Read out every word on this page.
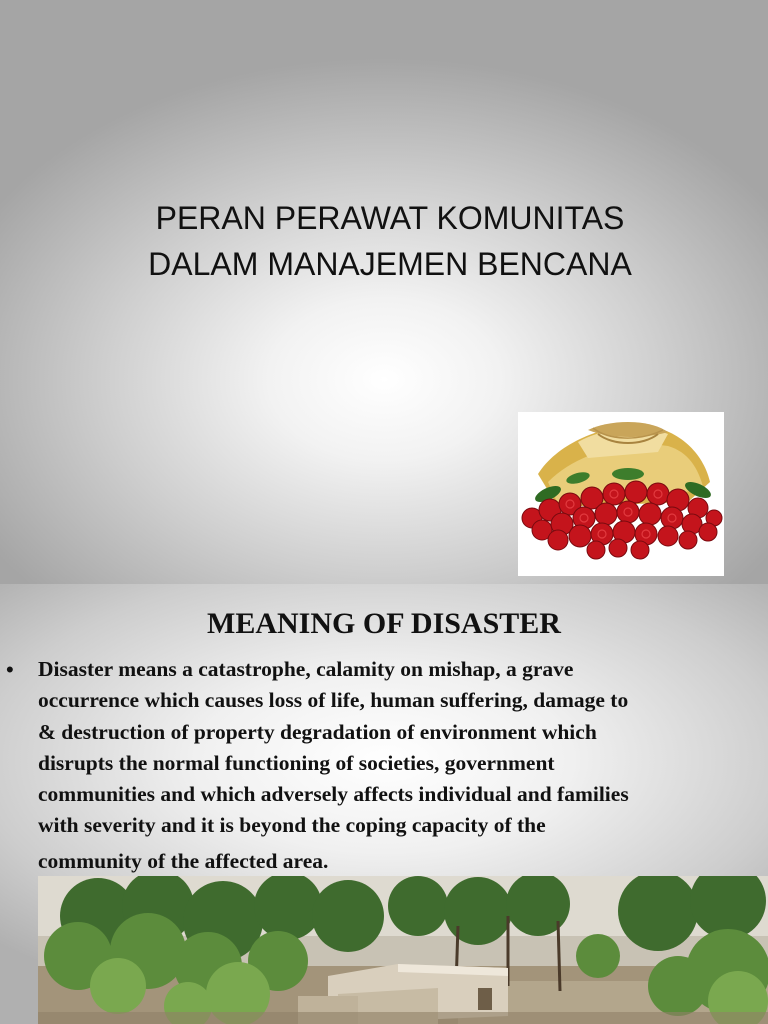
PERAN PERAWAT KOMUNITAS
DALAM MANAJEMEN BENCANA
MEANING OF DISASTER
• Disaster means a catastrophe, calamity on mishap, a grave
occurrence which causes loss of life, human suffering, damage to
& destruction of property degradation of environment which
disrupts the normal functioning of societies, government
communities and which adversely affects individual and families
with severity and it is beyond the coping capacity of the
community of the affected area.
